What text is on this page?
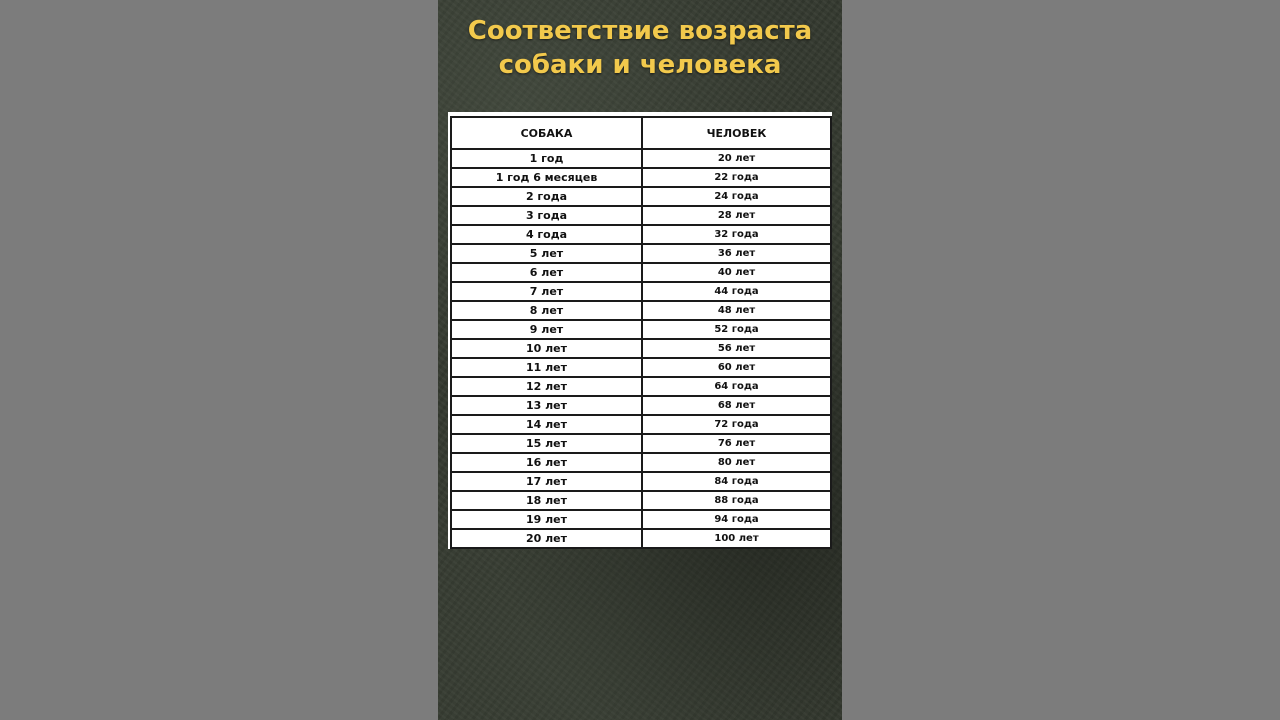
Соответствие возраста
собаки и человека
СОБАКА	ЧЕЛОВЕК
1 год	20 лет
1 год 6 месяцев	22 года
2 года	24 года
3 года	28 лет
4 года	32 года
5 лет	36 лет
6 лет	40 лет
7 лет	44 года
8 лет	48 лет
9 лет	52 года
10 лет	56 лет
11 лет	60 лет
12 лет	64 года
13 лет	68 лет
14 лет	72 года
15 лет	76 лет
16 лет	80 лет
17 лет	84 года
18 лет	88 года
19 лет	94 года
20 лет	100 лет
